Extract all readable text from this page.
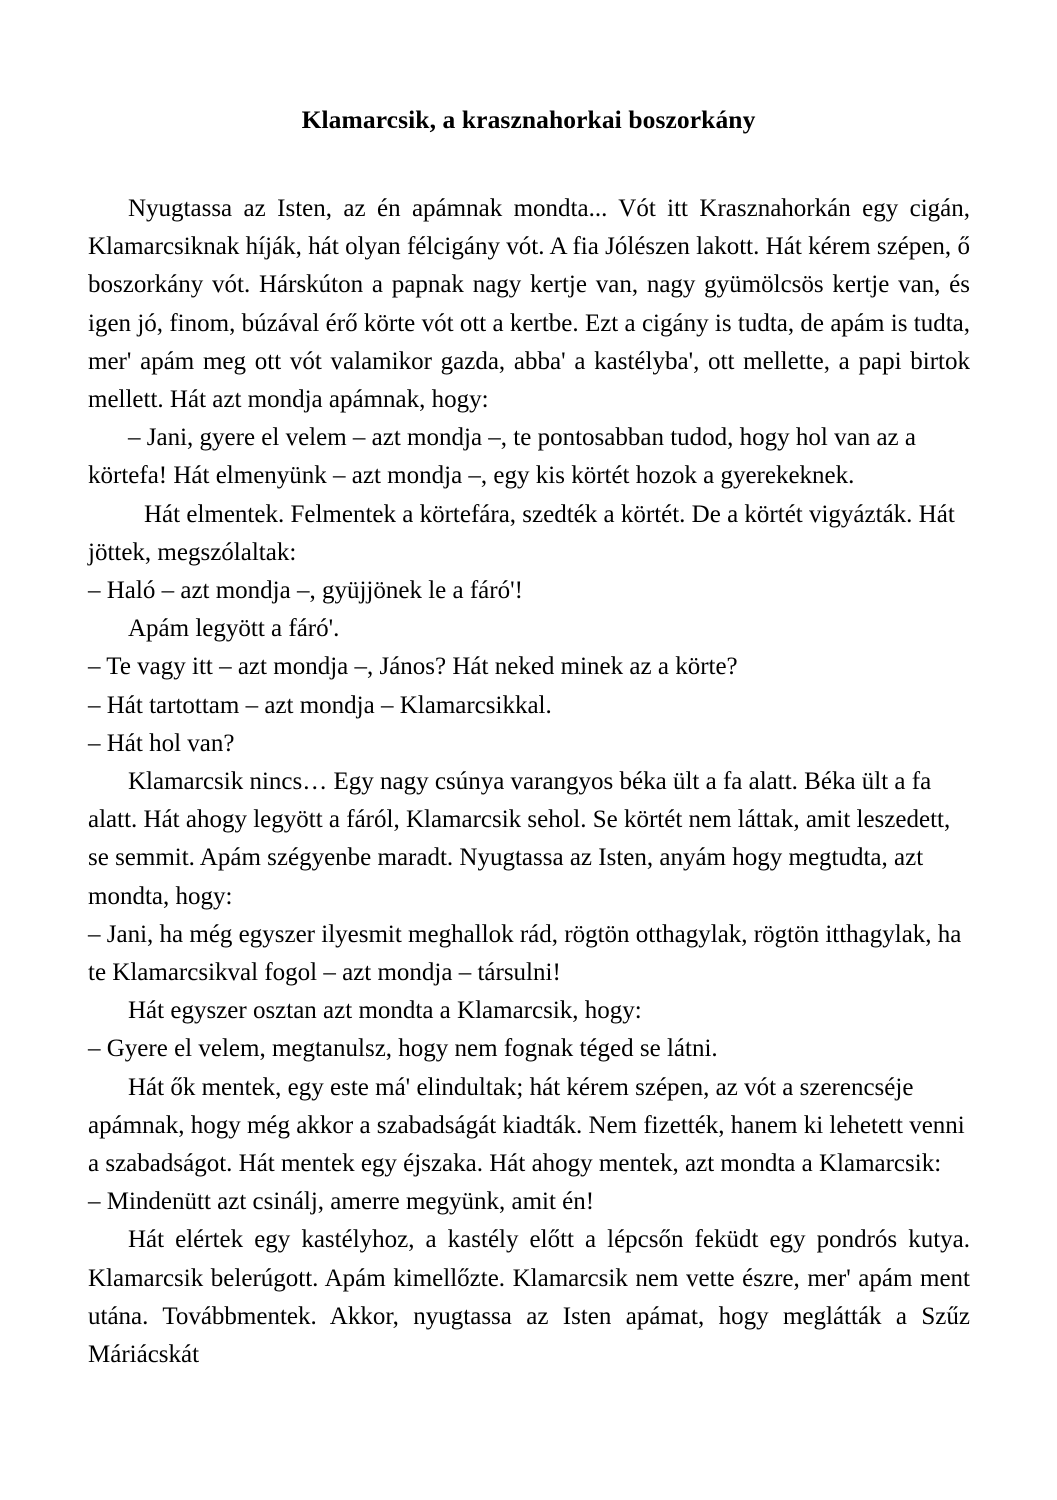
Klamarcsik, a krasznahorkai boszorkány

Nyugtassa az Isten, az én apámnak mondta... Vót itt Krasznahorkán egy cigán, Klamarcsiknak híják, hát olyan félcigány vót. A fia Jólészen lakott. Hát kérem szépen, ő boszorkány vót. Hárskúton a papnak nagy kertje van, nagy gyümölcsös kertje van, és igen jó, finom, búzával érő körte vót ott a kertbe. Ezt a cigány is tudta, de apám is tudta, mer' apám meg ott vót valamikor gazda, abba' a kastélyba', ott mellette, a papi birtok mellett. Hát azt mondja apámnak, hogy:

– Jani, gyere el velem – azt mondja –, te pontosabban tudod, hogy hol van az a körtefa! Hát elmenyünk – azt mondja –, egy kis körtét hozok a gyerekeknek.

Hát elmentek. Felmentek a körtefára, szedték a körtét. De a körtét vigyázták. Hát jöttek, megszólaltak:

– Haló – azt mondja –, gyüjjönek le a fáró'!

Apám legyött a fáró'.

– Te vagy itt – azt mondja –, János? Hát neked minek az a körte?

– Hát tartottam – azt mondja – Klamarcsikkal.

– Hát hol van?

Klamarcsik nincs… Egy nagy csúnya varangyos béka ült a fa alatt. Béka ült a fa alatt. Hát ahogy legyött a fáról, Klamarcsik sehol. Se körtét nem láttak, amit leszedett, se semmit. Apám szégyenbe maradt. Nyugtassa az Isten, anyám hogy megtudta, azt mondta, hogy:

– Jani, ha még egyszer ilyesmit meghallok rád, rögtön otthagylak, rögtön itthagylak, ha te Klamarcsikval fogol – azt mondja – társulni!

Hát egyszer osztan azt mondta a Klamarcsik, hogy:

– Gyere el velem, megtanulsz, hogy nem fognak téged se látni.

Hát ők mentek, egy este má' elindultak; hát kérem szépen, az vót a szerencséje apámnak, hogy még akkor a szabadságát kiadták. Nem fizették, hanem ki lehetett venni a szabadságot. Hát mentek egy éjszaka. Hát ahogy mentek, azt mondta a Klamarcsik:

– Mindenütt azt csinálj, amerre megyünk, amit én!

Hát elértek egy kastélyhoz, a kastély előtt a lépcsőn feküdt egy pondrós kutya. Klamarcsik belerúgott. Apám kimellőzte. Klamarcsik nem vette észre, mer' apám ment utána. Továbbmentek. Akkor, nyugtassa az Isten apámat, hogy meglátták a Szűz Máriácskát
